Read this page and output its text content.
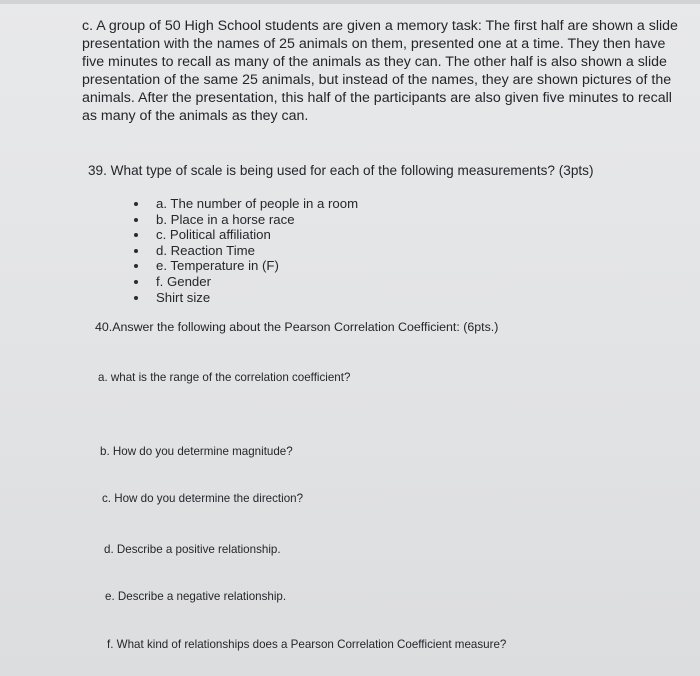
c. A group of 50 High School students are given a memory task: The first half are shown a slide
presentation with the names of 25 animals on them, presented one at a time. They then have
five minutes to recall as many of the animals as they can. The other half is also shown a slide
presentation of the same 25 animals, but instead of the names, they are shown pictures of the
animals. After the presentation, this half of the participants are also given five minutes to recall
as many of the animals as they can.
39. What type of scale is being used for each of the following measurements? (3pts)
a. The number of people in a room
b. Place in a horse race
c. Political affiliation
d. Reaction Time
e. Temperature in (F)
f. Gender
Shirt size
40.Answer the following about the Pearson Correlation Coefficient: (6pts.)
a. what is the range of the correlation coefficient?
b. How do you determine magnitude?
c. How do you determine the direction?
d. Describe a positive relationship.
e. Describe a negative relationship.
f. What kind of relationships does a Pearson Correlation Coefficient measure?
